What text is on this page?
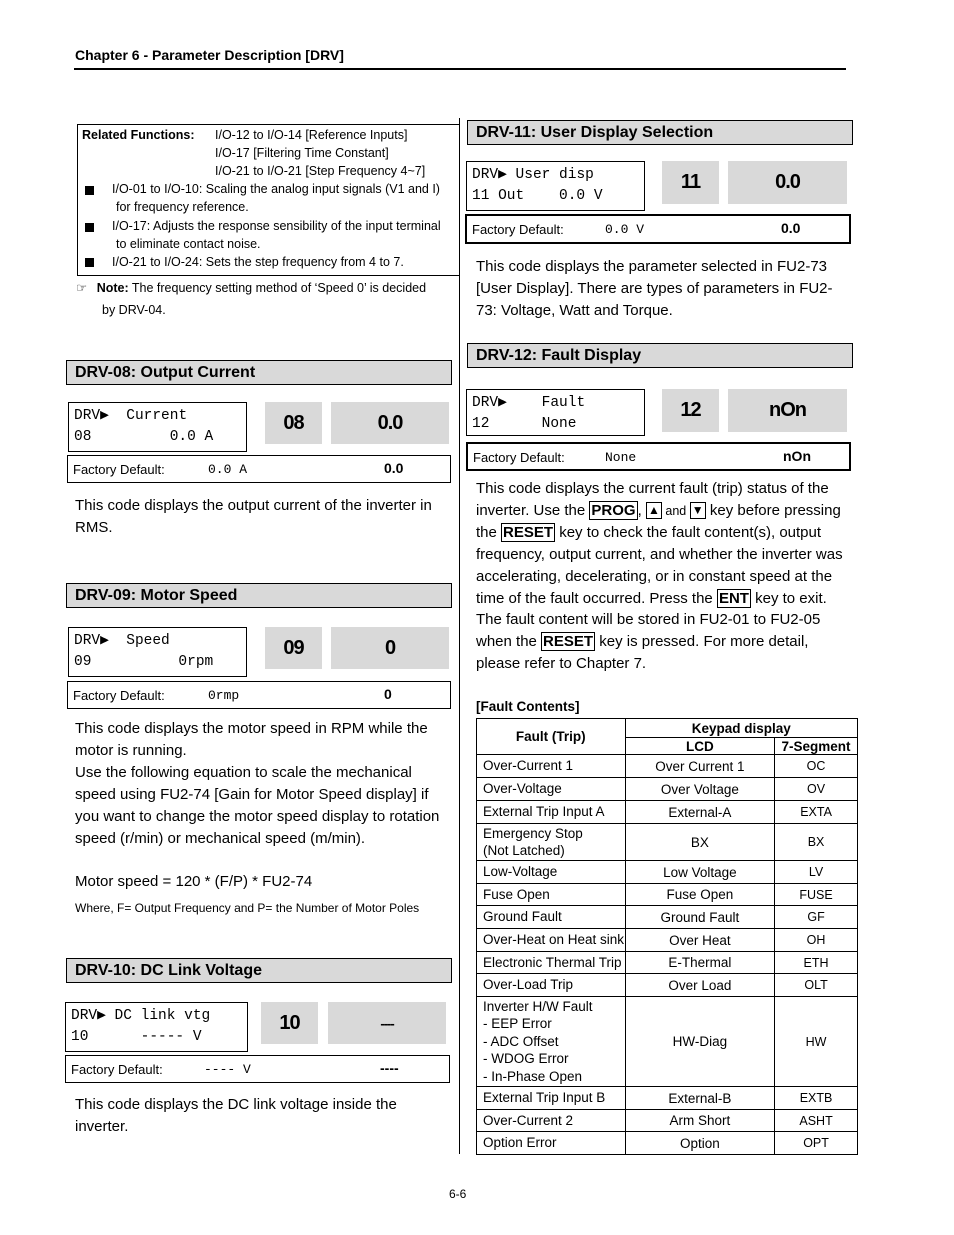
Chapter 6 - Parameter Description [DRV]
Related Functions: I/O-12 to I/O-14 [Reference Inputs]
I/O-17 [Filtering Time Constant]
I/O-21 to I/O-21 [Step Frequency 4~7]
I/O-01 to I/O-10: Scaling the analog input signals (V1 and I)
for frequency reference.
I/O-17: Adjusts the response sensibility of the input terminal
to eliminate contact noise.
I/O-21 to I/O-24: Sets the step frequency from 4 to 7.
☞ Note: The frequency setting method of ‘Speed 0’ is decided
by DRV-04.
DRV-08: Output Current
DRV▶  Current
08         0.0 A
08	0.0
Factory Default:	0.0 A	0.0
This code displays the output current of the inverter in RMS.
DRV-09: Motor Speed
DRV▶  Speed
09          0rpm
09	0
Factory Default:	0rmp	0
This code displays the motor speed in RPM while the motor is running.
Use the following equation to scale the mechanical speed using FU2-74 [Gain for Motor Speed display] if you want to change the motor speed display to rotation speed (r/min) or mechanical speed (m/min).
Motor speed = 120 * (F/P) * FU2-74
Where, F= Output Frequency and P= the Number of Motor Poles
DRV-10: DC Link Voltage
DRV▶ DC link vtg
10      ----- V
10	----
Factory Default:	---- V	----
This code displays the DC link voltage inside the inverter.
DRV-11: User Display Selection
DRV▶ User disp
11 Out    0.0 V
11	0.0
Factory Default:	0.0 V	0.0
This code displays the parameter selected in FU2-73 [User Display]. There are types of parameters in FU2-73: Voltage, Watt and Torque.
DRV-12: Fault Display
DRV▶    Fault
12      None
12	nOn
Factory Default:	None	nOn
This code displays the current fault (trip) status of the inverter. Use the PROG , ▲ and ▼ key before pressing the RESET key to check the fault content(s), output frequency, output current, and whether the inverter was accelerating, decelerating, or in constant speed at the time of the fault occurred. Press the ENT key to exit. The fault content will be stored in FU2-01 to FU2-05 when the RESET key is pressed. For more detail, please refer to Chapter 7.
[Fault Contents]
Fault (Trip)	Keypad display	
	LCD	7-Segment
Over-Current 1	Over Current 1	OC
Over-Voltage	Over Voltage	OV
External Trip Input A	External-A	EXTA
Emergency Stop
(Not Latched)	BX	BX
Low-Voltage	Low Voltage	LV
Fuse Open	Fuse Open	FUSE
Ground Fault	Ground Fault	GF
Over-Heat on Heat sink	Over Heat	OH
Electronic Thermal Trip	E-Thermal	ETH
Over-Load Trip	Over Load	OLT
Inverter H/W Fault
- EEP Error
- ADC Offset
- WDOG Error
- In-Phase Open	HW-Diag	HW
External Trip Input B	External-B	EXTB
Over-Current 2	Arm Short	ASHT
Option Error	Option	OPT
6-6
